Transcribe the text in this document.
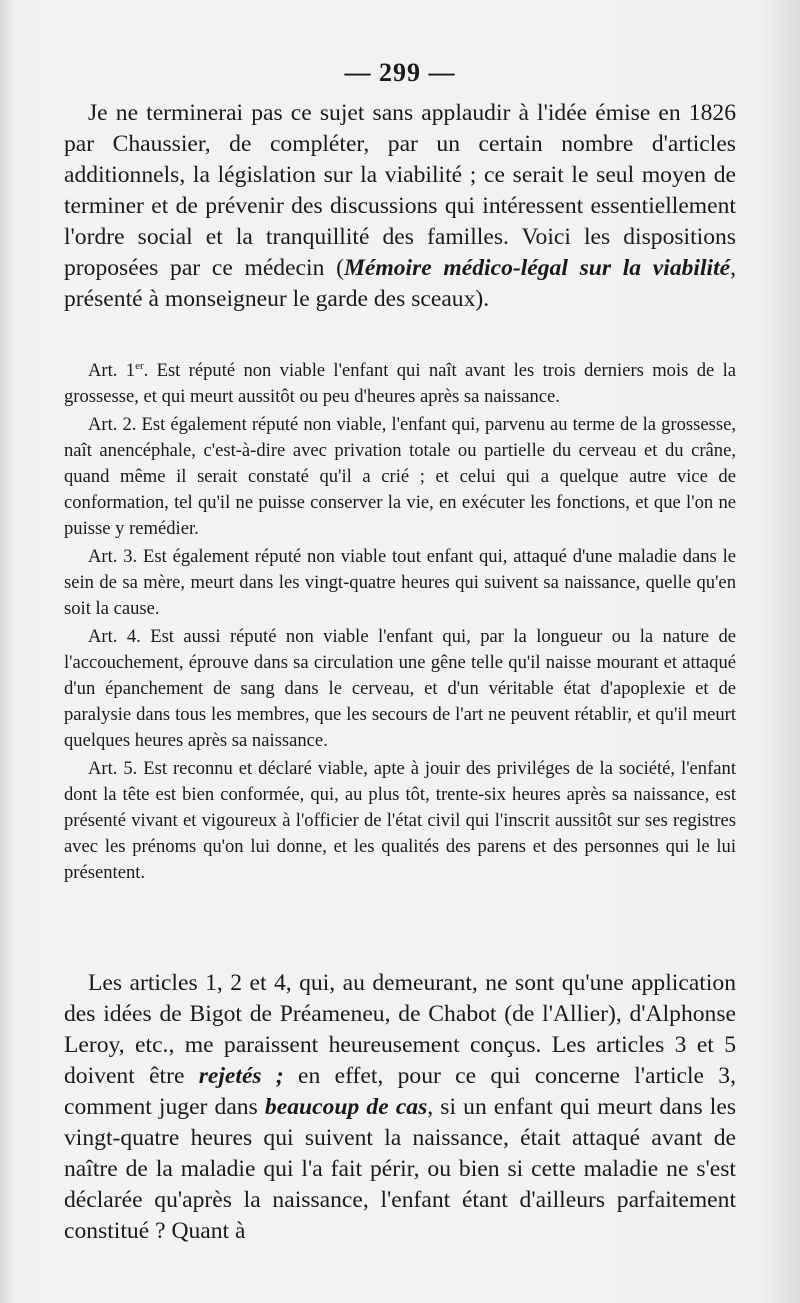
— 299 —

Je ne terminerai pas ce sujet sans applaudir à l'idée émise en 1826 par Chaussier, de compléter, par un certain nombre d'articles additionnels, la législation sur la viabilité ; ce serait le seul moyen de terminer et de prévenir des discussions qui intéressent essentiellement l'ordre social et la tranquillité des familles. Voici les dispositions proposées par ce médecin (Mémoire médico-légal sur la viabilité, présenté à monseigneur le garde des sceaux).

Art. 1er. Est réputé non viable l'enfant qui naît avant les trois derniers mois de la grossesse, et qui meurt aussitôt ou peu d'heures après sa naissance.

Art. 2. Est également réputé non viable, l'enfant qui, parvenu au terme de la grossesse, naît anencéphale, c'est-à-dire avec privation totale ou partielle du cerveau et du crâne, quand même il serait constaté qu'il a crié ; et celui qui a quelque autre vice de conformation, tel qu'il ne puisse conserver la vie, en exécuter les fonctions, et que l'on ne puisse y remédier.

Art. 3. Est également réputé non viable tout enfant qui, attaqué d'une maladie dans le sein de sa mère, meurt dans les vingt-quatre heures qui suivent sa naissance, quelle qu'en soit la cause.

Art. 4. Est aussi réputé non viable l'enfant qui, par la longueur ou la nature de l'accouchement, éprouve dans sa circulation une gêne telle qu'il naisse mourant et attaqué d'un épanchement de sang dans le cerveau, et d'un véritable état d'apoplexie et de paralysie dans tous les membres, que les secours de l'art ne peuvent rétablir, et qu'il meurt quelques heures après sa naissance.

Art. 5. Est reconnu et déclaré viable, apte à jouir des priviléges de la société, l'enfant dont la tête est bien conformée, qui, au plus tôt, trente-six heures après sa naissance, est présenté vivant et vigoureux à l'officier de l'état civil qui l'inscrit aussitôt sur ses registres avec les prénoms qu'on lui donne, et les qualités des parens et des personnes qui le lui présentent.

Les articles 1, 2 et 4, qui, au demeurant, ne sont qu'une application des idées de Bigot de Préameneu, de Chabot (de l'Allier), d'Alphonse Leroy, etc., me paraissent heureusement conçus. Les articles 3 et 5 doivent être rejetés ; en effet, pour ce qui concerne l'article 3, comment juger dans beaucoup de cas, si un enfant qui meurt dans les vingt-quatre heures qui suivent la naissance, était attaqué avant de naître de la maladie qui l'a fait périr, ou bien si cette maladie ne s'est déclarée qu'après la naissance, l'enfant étant d'ailleurs parfaitement constitué ? Quant à
